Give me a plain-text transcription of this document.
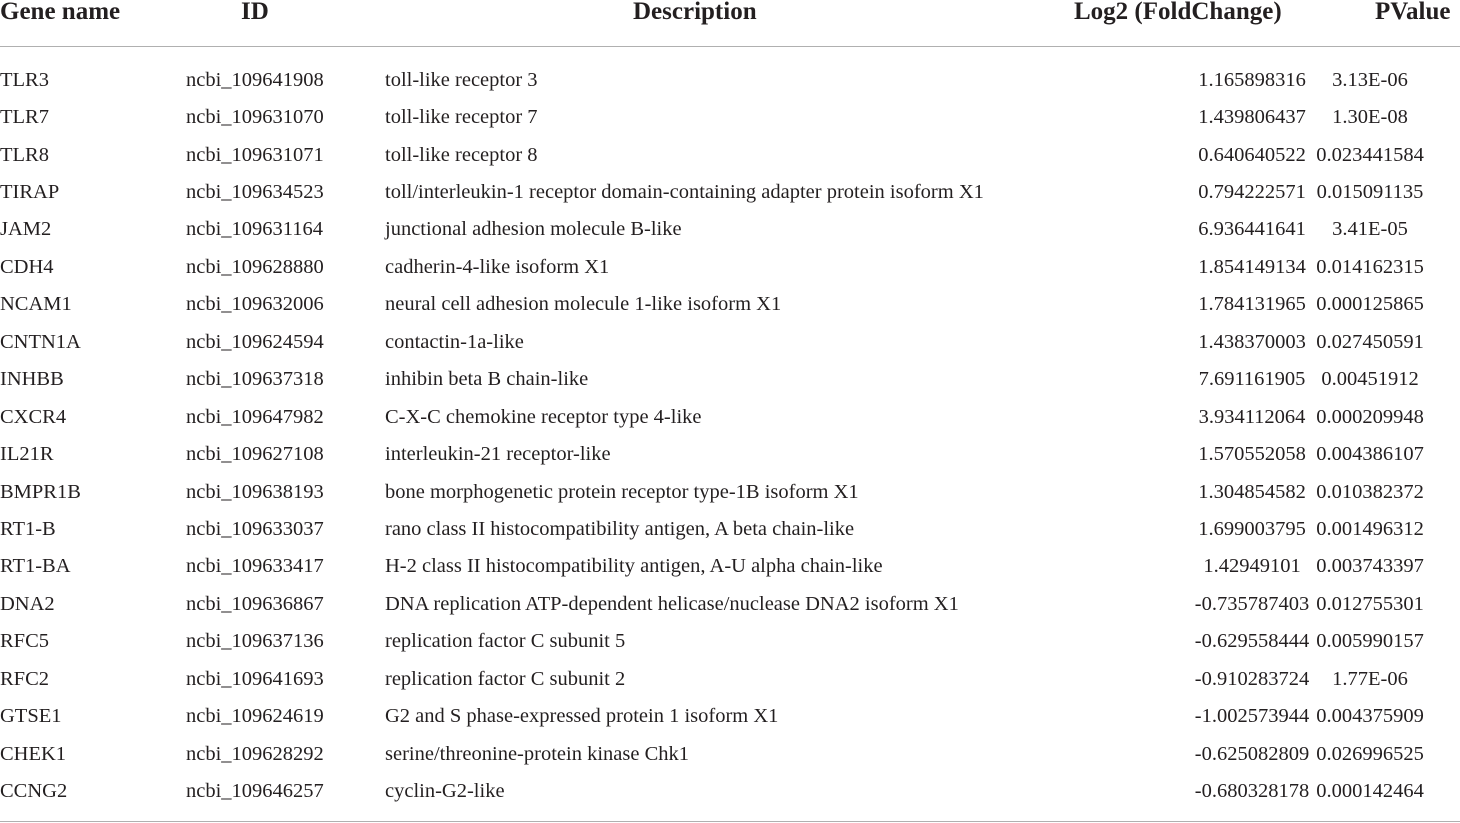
Gene name	ID	Description	Log2 (FoldChange)	PValue
TLR3	ncbi_109641908	toll-like receptor 3	1.165898316	3.13E-06
TLR7	ncbi_109631070	toll-like receptor 7	1.439806437	1.30E-08
TLR8	ncbi_109631071	toll-like receptor 8	0.640640522	0.023441584
TIRAP	ncbi_109634523	toll/interleukin-1 receptor domain-containing adapter protein isoform X1	0.794222571	0.015091135
JAM2	ncbi_109631164	junctional adhesion molecule B-like	6.936441641	3.41E-05
CDH4	ncbi_109628880	cadherin-4-like isoform X1	1.854149134	0.014162315
NCAM1	ncbi_109632006	neural cell adhesion molecule 1-like isoform X1	1.784131965	0.000125865
CNTN1A	ncbi_109624594	contactin-1a-like	1.438370003	0.027450591
INHBB	ncbi_109637318	inhibin beta B chain-like	7.691161905	0.00451912
CXCR4	ncbi_109647982	C-X-C chemokine receptor type 4-like	3.934112064	0.000209948
IL21R	ncbi_109627108	interleukin-21 receptor-like	1.570552058	0.004386107
BMPR1B	ncbi_109638193	bone morphogenetic protein receptor type-1B isoform X1	1.304854582	0.010382372
RT1-B	ncbi_109633037	rano class II histocompatibility antigen, A beta chain-like	1.699003795	0.001496312
RT1-BA	ncbi_109633417	H-2 class II histocompatibility antigen, A-U alpha chain-like	1.42949101	0.003743397
DNA2	ncbi_109636867	DNA replication ATP-dependent helicase/nuclease DNA2 isoform X1	-0.735787403	0.012755301
RFC5	ncbi_109637136	replication factor C subunit 5	-0.629558444	0.005990157
RFC2	ncbi_109641693	replication factor C subunit 2	-0.910283724	1.77E-06
GTSE1	ncbi_109624619	G2 and S phase-expressed protein 1 isoform X1	-1.002573944	0.004375909
CHEK1	ncbi_109628292	serine/threonine-protein kinase Chk1	-0.625082809	0.026996525
CCNG2	ncbi_109646257	cyclin-G2-like	-0.680328178	0.000142464
